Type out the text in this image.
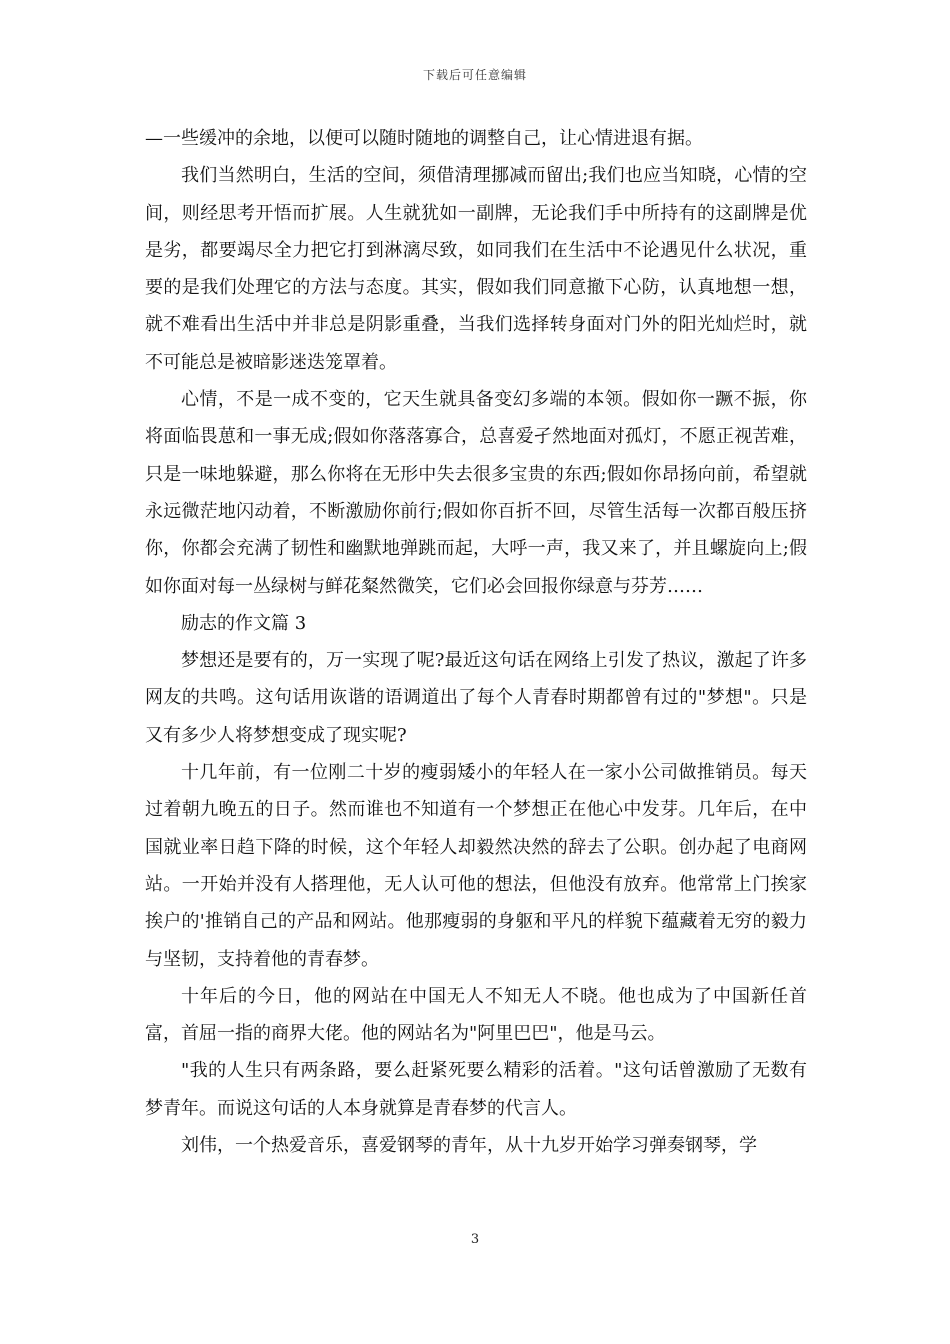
下载后可任意编辑

—一些缓冲的余地，以便可以随时随地的调整自己，让心情进退有据。

我们当然明白，生活的空间，须借清理挪减而留出;我们也应当知晓，心情的空间，则经思考开悟而扩展。人生就犹如一副牌，无论我们手中所持有的这副牌是优是劣，都要竭尽全力把它打到淋漓尽致，如同我们在生活中不论遇见什么状况，重要的是我们处理它的方法与态度。其实，假如我们同意撤下心防，认真地想一想，就不难看出生活中并非总是阴影重叠，当我们选择转身面对门外的阳光灿烂时，就不可能总是被暗影迷迭笼罩着。

心情，不是一成不变的，它天生就具备变幻多端的本领。假如你一蹶不振，你将面临畏葸和一事无成;假如你落落寡合，总喜爱孑然地面对孤灯，不愿正视苦难，只是一味地躲避，那么你将在无形中失去很多宝贵的东西;假如你昂扬向前，希望就永远微茫地闪动着，不断激励你前行;假如你百折不回，尽管生活每一次都百般压挤你，你都会充满了韧性和幽默地弹跳而起，大呼一声，我又来了，并且螺旋向上;假如你面对每一丛绿树与鲜花粲然微笑，它们必会回报你绿意与芬芳……

励志的作文篇 3

梦想还是要有的，万一实现了呢?最近这句话在网络上引发了热议，激起了许多网友的共鸣。这句话用诙谐的语调道出了每个人青春时期都曾有过的"梦想"。只是又有多少人将梦想变成了现实呢?

十几年前，有一位刚二十岁的瘦弱矮小的年轻人在一家小公司做推销员。每天过着朝九晚五的日子。然而谁也不知道有一个梦想正在他心中发芽。几年后，在中国就业率日趋下降的时候，这个年轻人却毅然决然的辞去了公职。创办起了电商网站。一开始并没有人搭理他，无人认可他的想法，但他没有放弃。他常常上门挨家挨户的'推销自己的产品和网站。他那瘦弱的身躯和平凡的样貌下蕴藏着无穷的毅力与坚韧，支持着他的青春梦。

十年后的今日，他的网站在中国无人不知无人不晓。他也成为了中国新任首富，首屈一指的商界大佬。他的网站名为"阿里巴巴"，他是马云。

"我的人生只有两条路，要么赶紧死要么精彩的活着。"这句话曾激励了无数有梦青年。而说这句话的人本身就算是青春梦的代言人。

刘伟，一个热爱音乐，喜爱钢琴的青年，从十九岁开始学习弹奏钢琴，学

3
